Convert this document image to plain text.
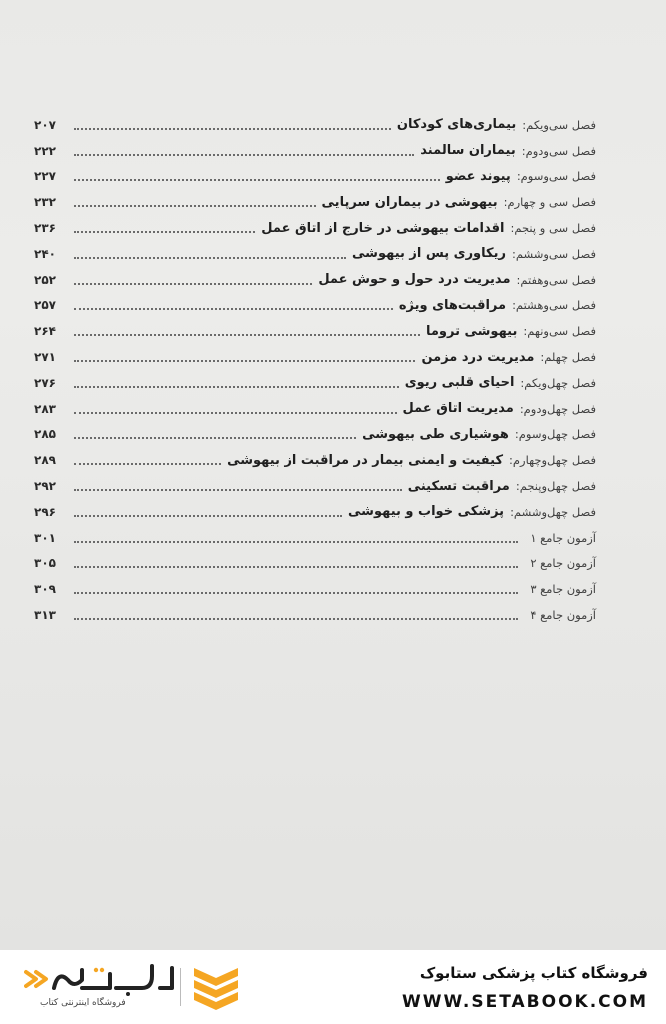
فصل سی‌ویکم:
بیماری‌های کودکان
۲۰۷
فصل سی‌ودوم:
بیماران سالمند
۲۲۲
فصل سی‌وسوم:
پیوند عضو
۲۲۷
فصل سی و چهارم:
بیهوشی در بیماران سرپایی
۲۳۲
فصل سی و پنجم:
اقدامات بیهوشی در خارج از اتاق عمل
۲۳۶
فصل سی‌وششم:
ریکاوری پس از بیهوشی
۲۴۰
فصل سی‌وهفتم:
مدیریت درد حول و حوش عمل
۲۵۲
فصل سی‌وهشتم:
مراقبت‌های ویژه
۲۵۷
فصل سی‌ونهم:
بیهوشی تروما
۲۶۴
فصل چهلم:
مدیریت درد مزمن
۲۷۱
فصل چهل‌ویکم:
احیای قلبی ریوی
۲۷۶
فصل چهل‌ودوم:
مدیریت اتاق عمل
۲۸۳
فصل چهل‌وسوم:
هوشیاری طی بیهوشی
۲۸۵
فصل چهل‌وچهارم:
کیفیت و ایمنی بیمار در مراقبت از بیهوشی
۲۸۹
فصل چهل‌وپنجم:
مراقبت تسکینی
۲۹۲
فصل چهل‌وششم:
پزشکی خواب و بیهوشی
۲۹۶
آزمون جامع ۱
۳۰۱
آزمون جامع ۲
۳۰۵
آزمون جامع ۳
۳۰۹
آزمون جامع ۴
۳۱۳
فروشگاه کتاب پزشکی ستابوک
WWW.SETABOOK.COM
فروشگاه اینترنتی کتاب
